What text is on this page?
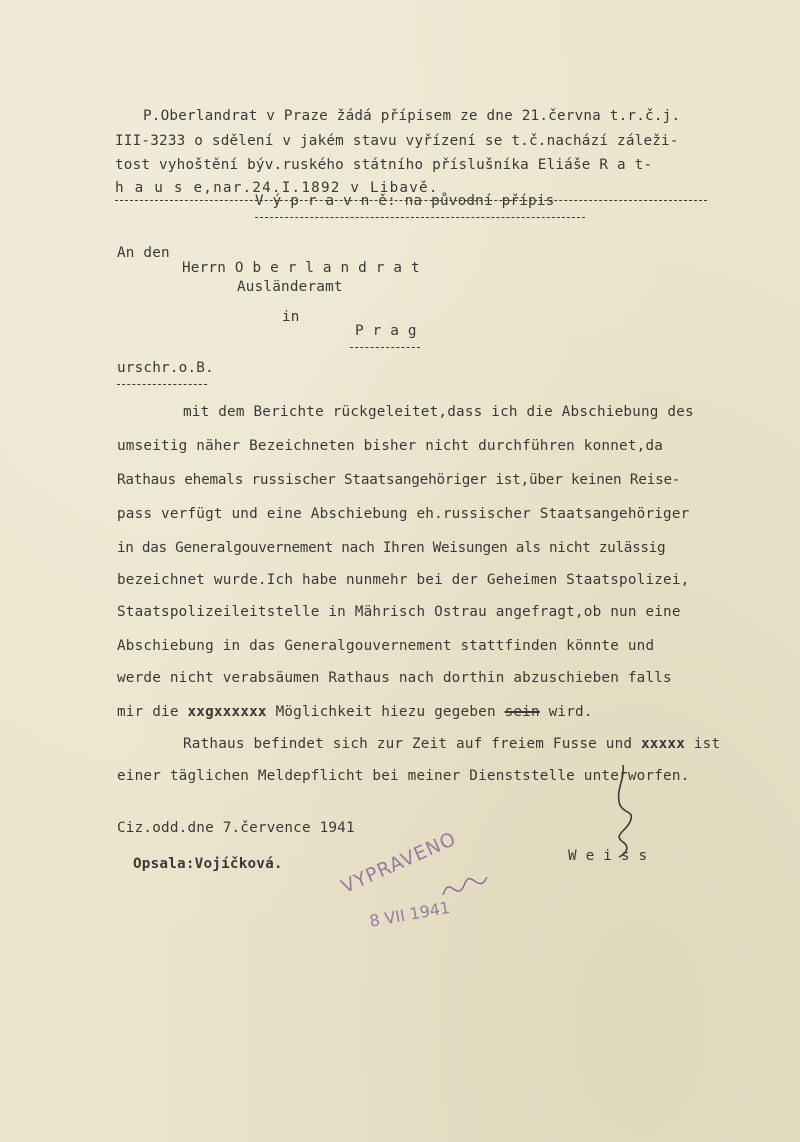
P.Oberlandrat v Praze žádá přípisem ze dne 21.června t.r.č.j.
III-3233 o sdělení v jakém stavu vyřízení se t.č.nachází záleži-
tost vyhoštění býv.ruského státního příslušníka Eliáše R a t-
h a u s e,nar.24.I.1892 v Libavě.
V ý p r a v n ě: na původní přípis
An den
Herrn O b e r l a n d r a t
Ausländeramt
in
P r a g
urschr.o.B.
mit dem Berichte rückgeleitet,dass ich die Abschiebung des
umseitig näher Bezeichneten bisher nicht durchführen konnet,da
Rathaus ehemals russischer Staatsangehöriger ist,über keinen Reise-
pass verfügt und eine Abschiebung eh.russischer Staatsangehöriger
in das Generalgouvernement nach Ihren Weisungen als nicht zulässig
bezeichnet wurde.Ich habe nunmehr bei der Geheimen Staatspolizei,
Staatspolizeileitstelle in Mährisch Ostrau angefragt,ob nun eine
Abschiebung in das Generalgouvernement stattfinden könnte und
werde nicht verabsäumen Rathaus nach dorthin abzuschieben falls
mir die xxgxxxxxx Möglichkeit hiezu gegeben sein wird.
Rathaus befindet sich zur Zeit auf freiem Fusse und xxxxx ist
einer täglichen Meldepflicht bei meiner Dienststelle unterworfen.
Ciz.odd.dne 7.července 1941
Opsala:Vojíčková.	W e i s s
VYPRAVENO
8 VII 1941
